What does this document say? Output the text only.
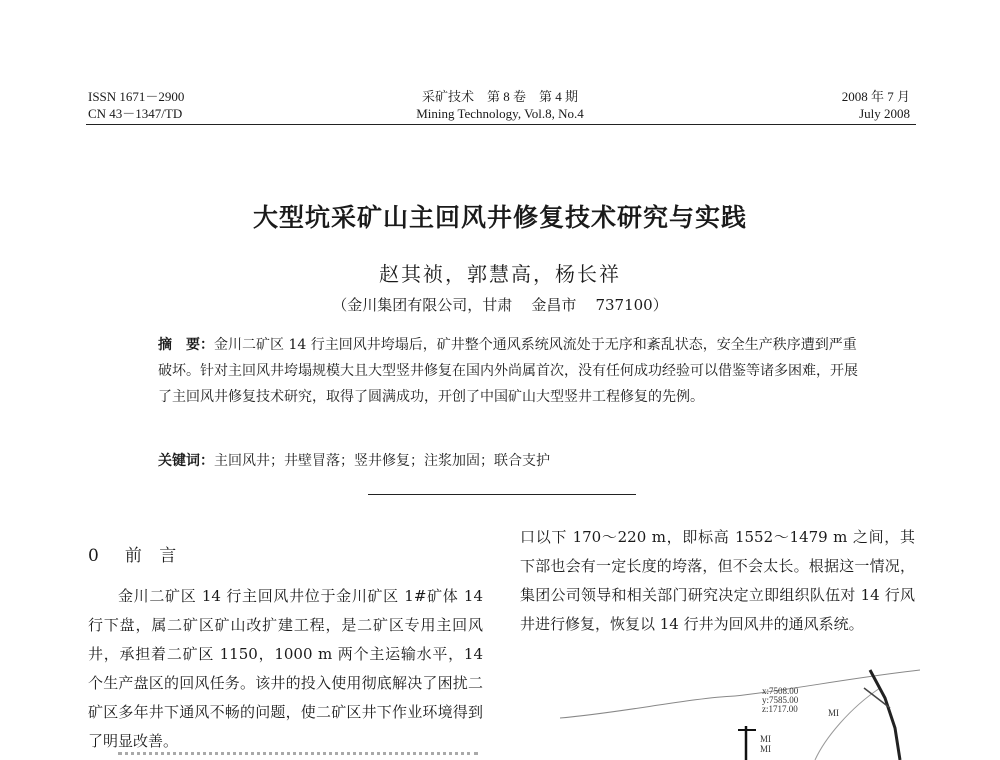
ISSN 1671－2900
CN 43－1347/TD
采矿技术　第 8 卷　第 4 期
Mining Technology, Vol.8, No.4
2008 年 7 月
July 2008
大型坑采矿山主回风井修复技术研究与实践
赵其祯，郭慧高，杨长祥
（金川集团有限公司，甘肃 金昌市 737100）
摘　要：金川二矿区 14 行主回风井垮塌后，矿井整个通风系统风流处于无序和紊乱状态，安全生产秩序遭到严重破坏。针对主回风井垮塌规模大且大型竖井修复在国内外尚属首次，没有任何成功经验可以借鉴等诸多困难，开展了主回风井修复技术研究，取得了圆满成功，开创了中国矿山大型竖井工程修复的先例。
关键词：主回风井；井壁冒落；竖井修复；注浆加固；联合支护
0 前 言

金川二矿区 14 行主回风井位于金川矿区 1#矿体 14 行下盘，属二矿区矿山改扩建工程，是二矿区专用主回风井，承担着二矿区 1150，1000 m 两个主运输水平，14 个生产盘区的回风任务。该井的投入使用彻底解决了困扰二矿区多年井下通风不畅的问题，使二矿区井下作业环境得到了明显改善。

口以下 170～220 m，即标高 1552～1479 m 之间，其下部也会有一定长度的垮落，但不会太长。根据这一情况，集团公司领导和相关部门研究决定立即组织队伍对 14 行风井进行修复，恢复以 14 行井为回风井的通风系统。

x:7508.00
y:7585.00
z:1717.00	MI
MI
MI
